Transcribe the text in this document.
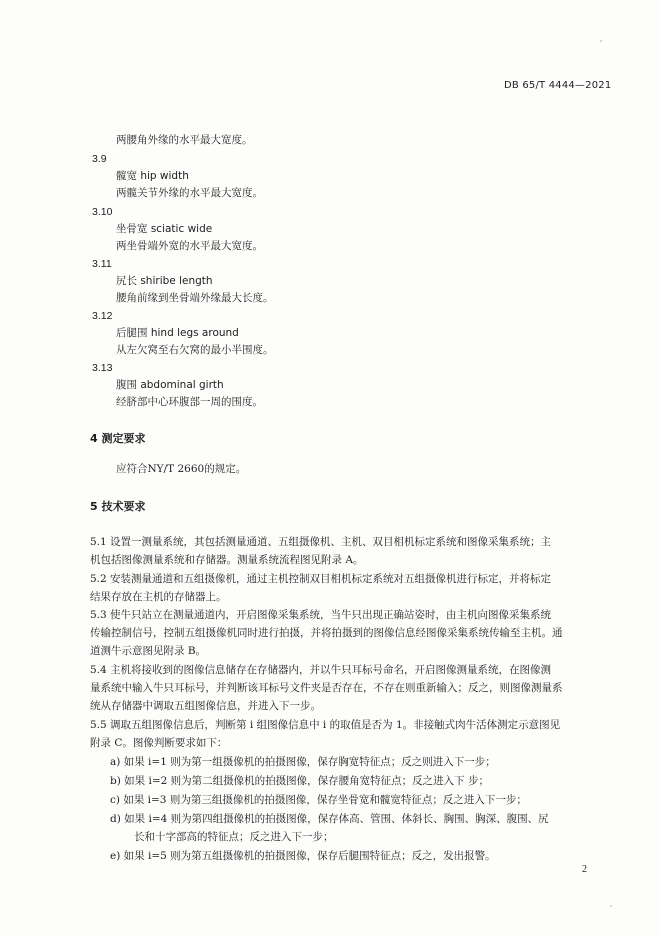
DB 65/T 4444—2021
两腰角外缘的水平最大宽度。
3.9
髋宽 hip width
两髋关节外缘的水平最大宽度。
3.10
坐骨宽 sciatic wide
两坐骨端外宽的水平最大宽度。
3.11
尻长 shiribe length
腰角前缘到坐骨端外缘最大长度。
3.12
后腿围 hind legs around
从左欠窝至右欠窝的最小半围度。
3.13
腹围 abdominal girth
经脐部中心环腹部一周的围度。
4 测定要求
应符合NY/T 2660的规定。
5 技术要求
5.1 设置一测量系统，其包括测量通道、五组摄像机、主机、双目相机标定系统和图像采集系统；主
机包括图像测量系统和存储器。测量系统流程图见附录 A。
5.2 安装测量通道和五组摄像机，通过主机控制双目相机标定系统对五组摄像机进行标定，并将标定
结果存放在主机的存储器上。
5.3 使牛只站立在测量通道内，开启图像采集系统，当牛只出现正确站姿时，由主机向图像采集系统
传输控制信号，控制五组摄像机同时进行拍摄，并将拍摄到的图像信息经图像采集系统传输至主机。通
道测牛示意图见附录 B。
5.4 主机将接收到的图像信息储存在存储器内，并以牛只耳标号命名，开启图像测量系统，在图像测
量系统中输入牛只耳标号，并判断该耳标号文件夹是否存在，不存在则重新输入；反之，则图像测量系
统从存储器中调取五组图像信息，并进入下一步。
5.5 调取五组图像信息后，判断第 i 组图像信息中 i 的取值是否为 1。非接触式肉牛活体测定示意图见
附录 C。图像判断要求如下：
a) 如果 i=1 则为第一组摄像机的拍摄图像，保存胸宽特征点；反之则进入下一步；
b) 如果 i=2 则为第二组摄像机的拍摄图像，保存腰角宽特征点；反之进入下 步；
c) 如果 i=3 则为第三组摄像机的拍摄图像，保存坐骨宽和髋宽特征点；反之进入下一步；
d) 如果 i=4 则为第四组摄像机的拍摄图像，保存体高、管围、体斜长、胸围、胸深、腹围、尻
长和十字部高的特征点；反之进入下一步；
e) 如果 i=5 则为第五组摄像机的拍摄图像，保存后腿围特征点；反之，发出报警。
2
